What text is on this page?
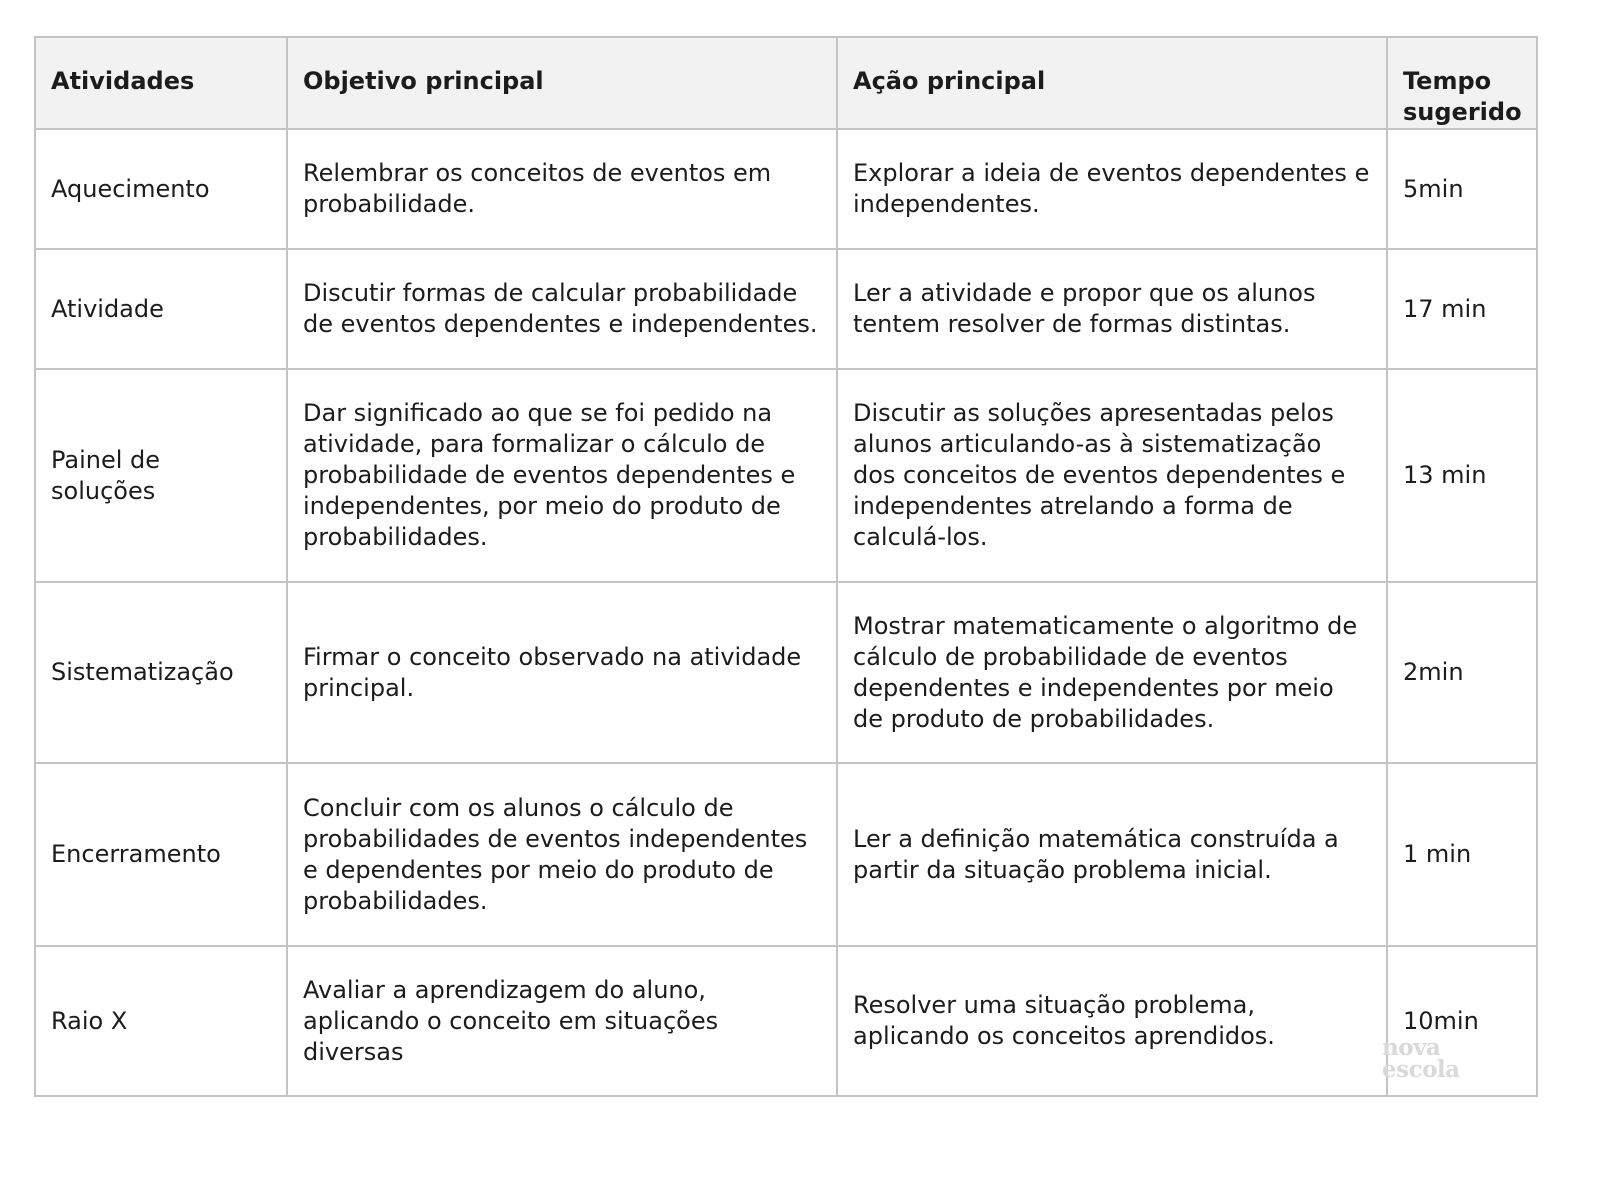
Atividades	Objetivo principal	Ação principal	Tempo sugerido
Aquecimento	Relembrar os conceitos de eventos em probabilidade.	Explorar a ideia de eventos dependentes e independentes.	5min
Atividade	Discutir formas de calcular probabilidade de eventos dependentes e independentes.	Ler a atividade e propor que os alunos tentem resolver de formas distintas.	17 min
Painel de soluções	Dar significado ao que se foi pedido na atividade, para formalizar o cálculo de probabilidade de eventos dependentes e independentes, por meio do produto de probabilidades.	Discutir as soluções apresentadas pelos alunos articulando-as à sistematização dos conceitos de eventos dependentes e independentes atrelando a forma de calculá-los.	13 min
Sistematização	Firmar o conceito observado na atividade principal.	Mostrar matematicamente o algoritmo de cálculo de probabilidade de eventos dependentes e independentes por meio de produto de probabilidades.	2min
Encerramento	Concluir com os alunos o cálculo de probabilidades de eventos independentes e dependentes por meio do produto de probabilidades.	Ler a definição matemática construída a partir da situação problema inicial.	1 min
Raio X	Avaliar a aprendizagem do aluno, aplicando o conceito em situações diversas	Resolver uma situação problema, aplicando os conceitos aprendidos.	10min
nova
escola
